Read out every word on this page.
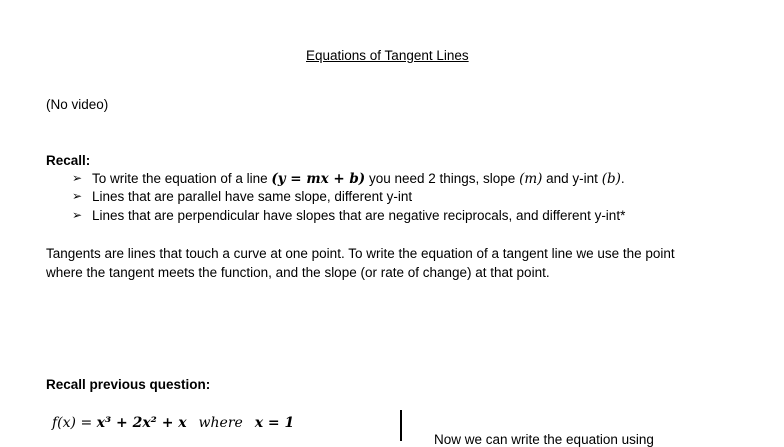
Equations of Tangent Lines
(No video)
Recall:
➢ To write the equation of a line (y = mx + b) you need 2 things, slope (m) and y-int (b).
➢ Lines that are parallel have same slope, different y-int
➢ Lines that are perpendicular have slopes that are negative reciprocals, and different y-int*
Tangents are lines that touch a curve at one point. To write the equation of a tangent line we use the point
where the tangent meets the function, and the slope (or rate of change) at that point.
Recall previous question:
f(x) = x³ + 2x² + x where x = 1
Now we can write the equation using
